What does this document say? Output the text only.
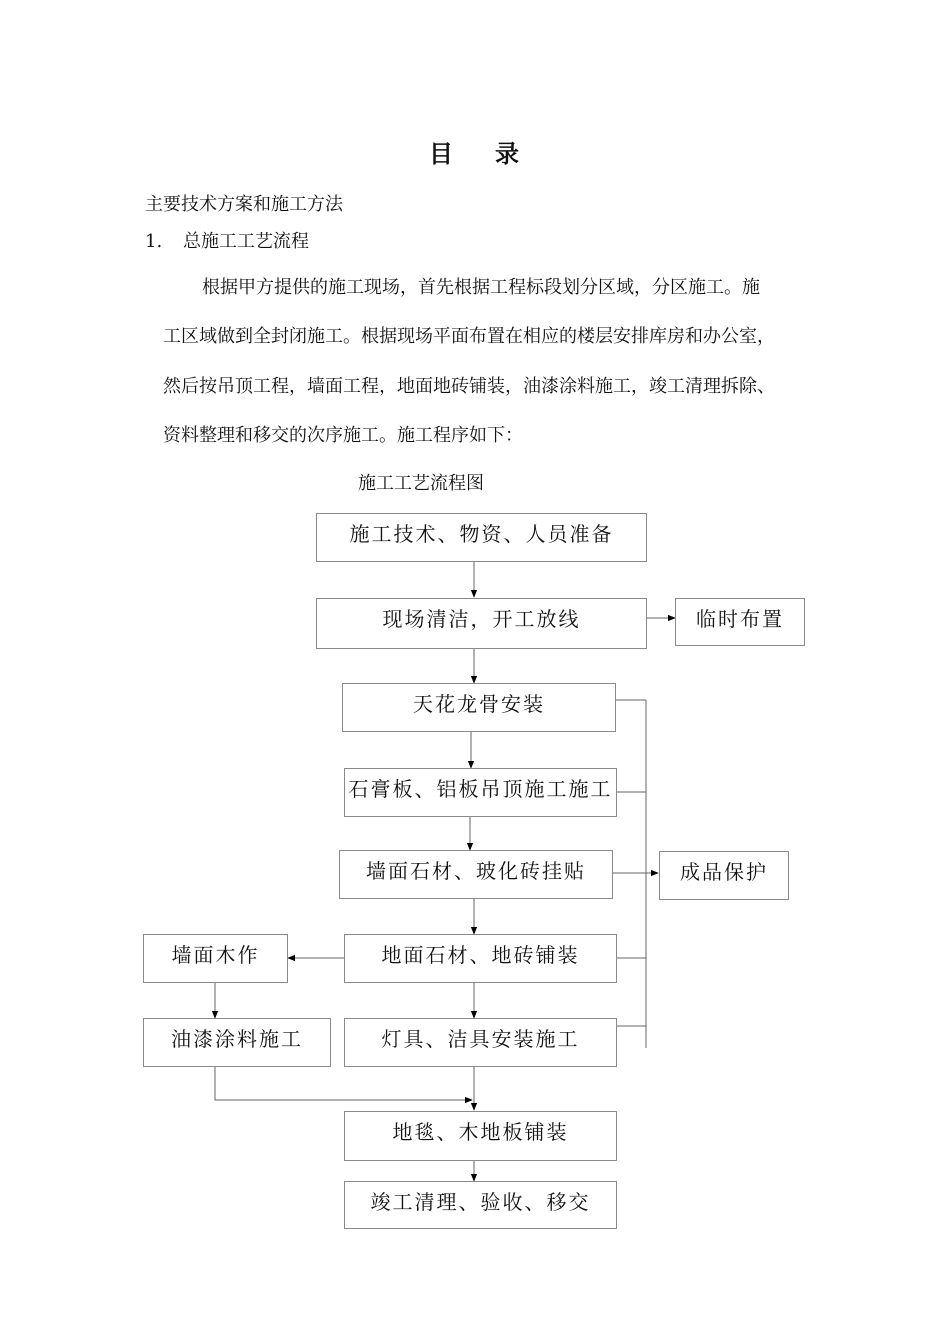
目 录
主要技术方案和施工方法
1. 总施工工艺流程
根据甲方提供的施工现场，首先根据工程标段划分区域，分区施工。施
工区域做到全封闭施工。根据现场平面布置在相应的楼层安排库房和办公室，
然后按吊顶工程，墙面工程，地面地砖铺装，油漆涂料施工，竣工清理拆除、
资料整理和移交的次序施工。施工程序如下：
施工工艺流程图
施工技术、物资、人员准备
现场清洁，开工放线	临时布置
天花龙骨安装
石膏板、铝板吊顶施工施工
墙面石材、玻化砖挂贴	成品保护
墙面木作	地面石材、地砖铺装
油漆涂料施工	灯具、洁具安装施工
地毯、木地板铺装
竣工清理、验收、移交
